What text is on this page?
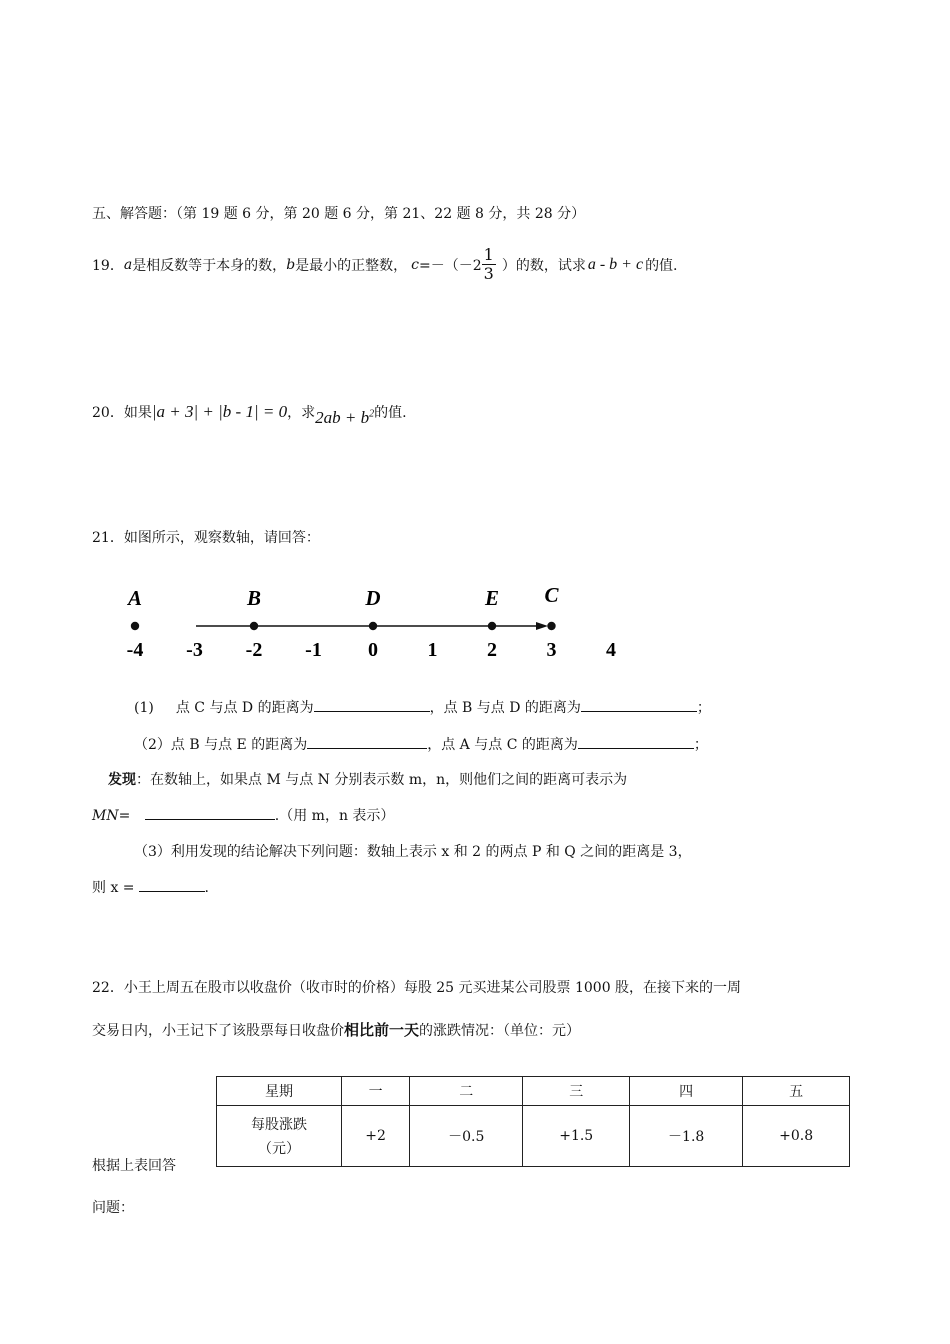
五、解答题：（第 19 题 6 分，第 20 题 6 分，第 21、22 题 8 分，共 28 分）
19． a 是相反数等于本身的数， b 是最小的正整数， $c =-(-2 \frac{1}{3}$ ）的数，试求 a - b + c 的值.
20．如果 |a + 3| + |b - 1| = 0 ，求 $2ab + b^2$ 的值.
21．如图所示，观察数轴，请回答：
A	B	D	E C
-4 -3 -2 -1 0 1 2 3 4
(1) 点 C 与点 D 的距离为	，点 B 与点 D 的距离为	；
（2）点 B 与点 E 的距离为	，点 A 与点 C 的距离为	；
发现：在数轴上，如果点 M 与点 N 分别表示数 m，n，则他们之间的距离可表示为
MN=	.（用 m，n 表示）
（3）利用发现的结论解决下列问题：数轴上表示 x 和 2 的两点 P 和 Q 之间的距离是 3，
则 x =	.
22．小王上周五在股市以收盘价（收市时的价格）每股 25 元买进某公司股票 1000 股，在接下来的一周
交易日内，小王记下了该股票每日收盘价相比前一天的涨跌情况：（单位：元）
星期	一	二	三	四	五

每股涨跌
（元）	+2	－0.5	+1.5	－1.8	+0.8
根据上表回答
问题：
